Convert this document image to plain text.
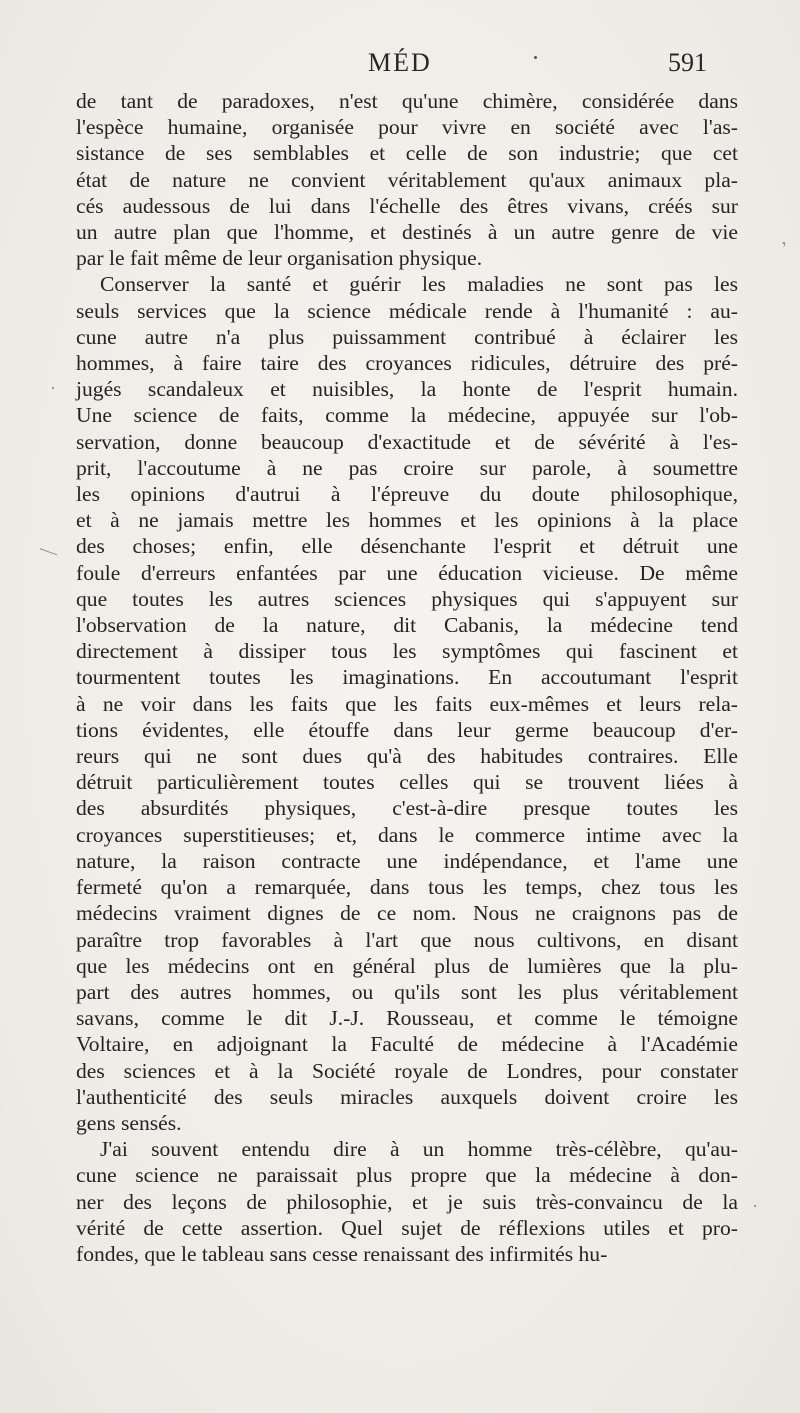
MÉD	591

de tant de paradoxes, n'est qu'une chimère, considérée dans
l'espèce humaine, organisée pour vivre en société avec l'as-
sistance de ses semblables et celle de son industrie; que cet
état de nature ne convient véritablement qu'aux animaux pla-
cés audessous de lui dans l'échelle des êtres vivans, créés sur
un autre plan que l'homme, et destinés à un autre genre de vie
par le fait même de leur organisation physique.

Conserver la santé et guérir les maladies ne sont pas les
seuls services que la science médicale rende à l'humanité : au-
cune autre n'a plus puissamment contribué à éclairer les
hommes, à faire taire des croyances ridicules, détruire des pré-
jugés scandaleux et nuisibles, la honte de l'esprit humain.
Une science de faits, comme la médecine, appuyée sur l'ob-
servation, donne beaucoup d'exactitude et de sévérité à l'es-
prit, l'accoutume à ne pas croire sur parole, à soumettre
les opinions d'autrui à l'épreuve du doute philosophique,
et à ne jamais mettre les hommes et les opinions à la place
des choses; enfin, elle désenchante l'esprit et détruit une
foule d'erreurs enfantées par une éducation vicieuse. De même
que toutes les autres sciences physiques qui s'appuyent sur
l'observation de la nature, dit Cabanis, la médecine tend
directement à dissiper tous les symptômes qui fascinent et
tourmentent toutes les imaginations. En accoutumant l'esprit
à ne voir dans les faits que les faits eux-mêmes et leurs rela-
tions évidentes, elle étouffe dans leur germe beaucoup d'er-
reurs qui ne sont dues qu'à des habitudes contraires. Elle
détruit particulièrement toutes celles qui se trouvent liées à
des absurdités physiques, c'est-à-dire presque toutes les
croyances superstitieuses; et, dans le commerce intime avec la
nature, la raison contracte une indépendance, et l'ame une
fermeté qu'on a remarquée, dans tous les temps, chez tous les
médecins vraiment dignes de ce nom. Nous ne craignons pas de
paraître trop favorables à l'art que nous cultivons, en disant
que les médecins ont en général plus de lumières que la plu-
part des autres hommes, ou qu'ils sont les plus véritablement
savans, comme le dit J.-J. Rousseau, et comme le témoigne
Voltaire, en adjoignant la Faculté de médecine à l'Académie
des sciences et à la Société royale de Londres, pour constater
l'authenticité des seuls miracles auxquels doivent croire les
gens sensés.

J'ai souvent entendu dire à un homme très-célèbre, qu'au-
cune science ne paraissait plus propre que la médecine à don-
ner des leçons de philosophie, et je suis très-convaincu de la
vérité de cette assertion. Quel sujet de réflexions utiles et pro-
fondes, que le tableau sans cesse renaissant des infirmités hu-

,
·
—
·
